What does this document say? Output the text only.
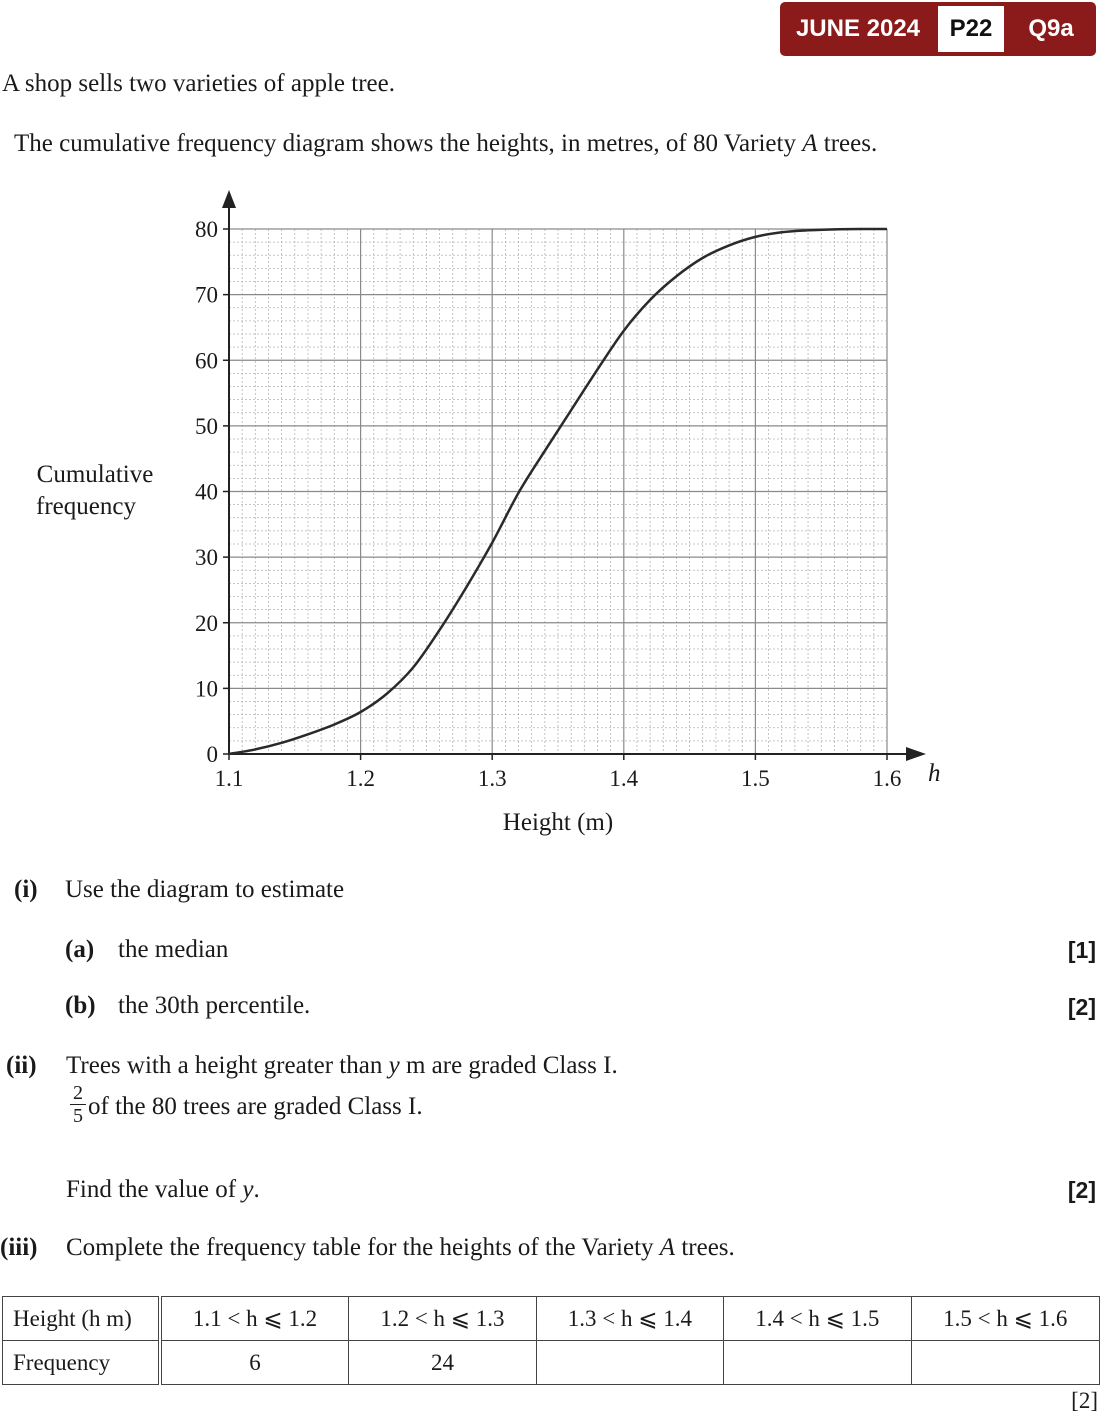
JUNE 2024	P22	Q9a
A shop sells two varieties of apple tree.
The cumulative frequency diagram shows the heights, in metres, of 80 Variety A trees.
0
10
20
30
40
50
60
70
80
1.1	1.2	1.3	1.4	1.5	1.6
Cumulative
frequency
Height (m)
h
(i) Use the diagram to estimate
(a) the median	[1]
(b) the 30th percentile.	[2]
(ii) Trees with a height greater than y m are graded Class I.
2
5 of the 80 trees are graded Class I.
Find the value of y.	[2]
(iii) Complete the frequency table for the heights of the Variety A trees.
Height (h m)	1.1 < h ⩽ 1.2	1.2 < h ⩽ 1.3	1.3 < h ⩽ 1.4	1.4 < h ⩽ 1.5	1.5 < h ⩽ 1.6
Frequency	6	24			
[2]
